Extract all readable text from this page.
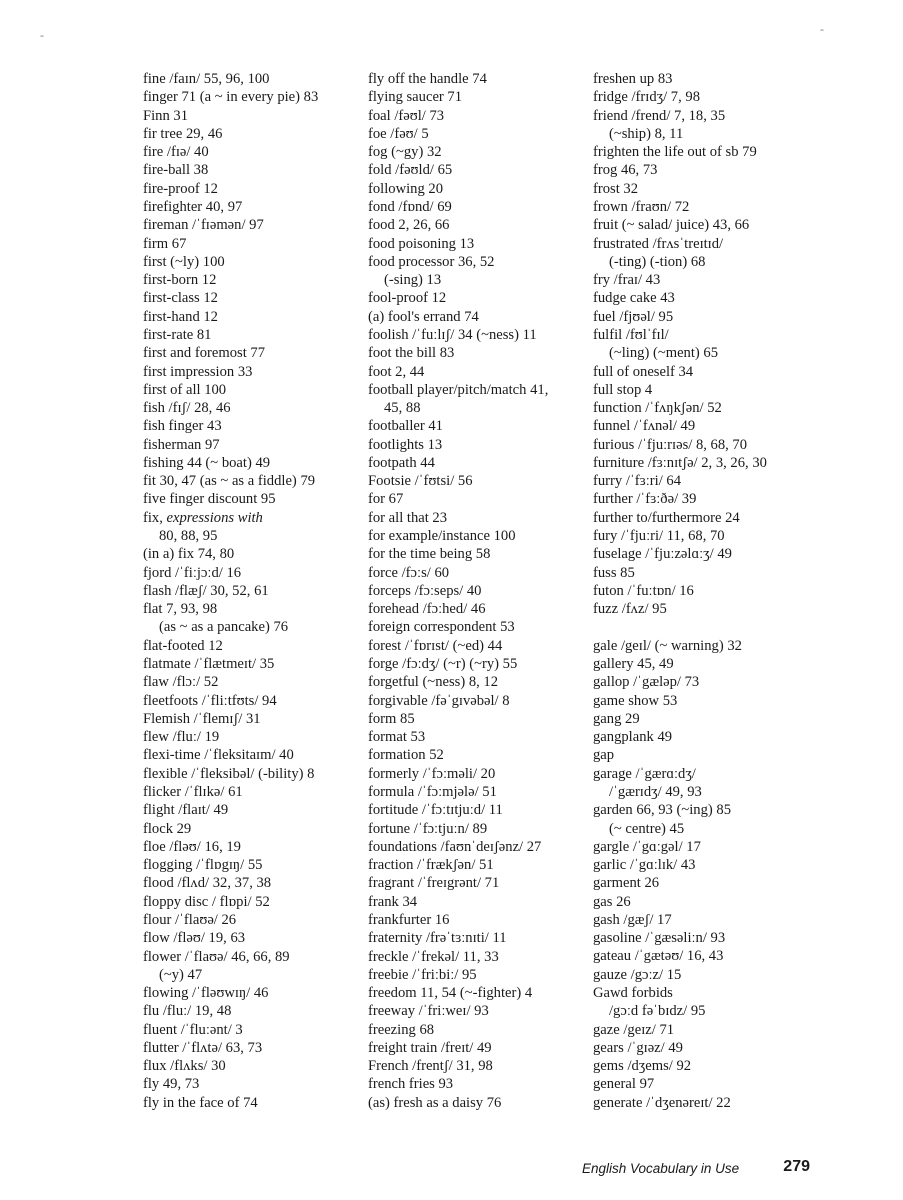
-	-
fine /faɪn/ 55, 96, 100
finger 71 (a ~ in every pie) 83
Finn 31
fir tree 29, 46
fire /fɪə/ 40
fire-ball 38
fire-proof 12
firefighter 40, 97
fireman /ˈfɪəmən/ 97
firm 67
first (~ly) 100
first-born 12
first-class 12
first-hand 12
first-rate 81
first and foremost 77
first impression 33
first of all 100
fish /fɪʃ/ 28, 46
fish finger 43
fisherman 97
fishing 44 (~ boat) 49
fit 30, 47 (as ~ as a fiddle) 79
five finger discount 95
fix, expressions with
80, 88, 95
(in a) fix 74, 80
fjord /ˈfiːjɔːd/ 16
flash /flæʃ/ 30, 52, 61
flat 7, 93, 98
(as ~ as a pancake) 76
flat-footed 12
flatmate /ˈflætmeɪt/ 35
flaw /flɔː/ 52
fleetfoots /ˈfliːtfʊts/ 94
Flemish /ˈflemɪʃ/ 31
flew /fluː/ 19
flexi-time /ˈfleksitaɪm/ 40
flexible /ˈfleksibəl/ (-bility) 8
flicker /ˈflɪkə/ 61
flight /flaɪt/ 49
flock 29
floe /fləʊ/ 16, 19
flogging /ˈflɒgɪŋ/ 55
flood /flʌd/ 32, 37, 38
floppy disc / flɒpi/ 52
flour /ˈflaʊə/ 26
flow /fləʊ/ 19, 63
flower /ˈflaʊə/ 46, 66, 89
(~y) 47
flowing /ˈfləʊwɪŋ/ 46
flu /fluː/ 19, 48
fluent /ˈfluːənt/ 3
flutter /ˈflʌtə/ 63, 73
flux /flʌks/ 30
fly 49, 73
fly in the face of 74
fly off the handle 74
flying saucer 71
foal /fəʊl/ 73
foe /fəʊ/ 5
fog (~gy) 32
fold /fəʊld/ 65
following 20
fond /fɒnd/ 69
food 2, 26, 66
food poisoning 13
food processor 36, 52
(-sing) 13
fool-proof 12
(a) fool's errand 74
foolish /ˈfuːlɪʃ/ 34 (~ness) 11
foot the bill 83
foot 2, 44
football player/pitch/match 41,
45, 88
footballer 41
footlights 13
footpath 44
Footsie /ˈfʊtsi/ 56
for 67
for all that 23
for example/instance 100
for the time being 58
force /fɔːs/ 60
forceps /fɔːseps/ 40
forehead /fɔːhed/ 46
foreign correspondent 53
forest /ˈfɒrɪst/ (~ed) 44
forge /fɔːdʒ/ (~r) (~ry) 55
forgetful (~ness) 8, 12
forgivable /fəˈgɪvəbəl/ 8
form 85
format 53
formation 52
formerly /ˈfɔːməli/ 20
formula /ˈfɔːmjələ/ 51
fortitude /ˈfɔːtɪtjuːd/ 11
fortune /ˈfɔːtjuːn/ 89
foundations /faʊnˈdeɪʃənz/ 27
fraction /ˈfrækʃən/ 51
fragrant /ˈfreɪgrənt/ 71
frank 34
frankfurter 16
fraternity /frəˈtɜːnɪti/ 11
freckle /ˈfrekəl/ 11, 33
freebie /ˈfriːbiː/ 95
freedom 11, 54 (~-fighter) 4
freeway /ˈfriːweɪ/ 93
freezing 68
freight train /freɪt/ 49
French /frentʃ/ 31, 98
french fries 93
(as) fresh as a daisy 76
freshen up 83
fridge /frɪdʒ/ 7, 98
friend /frend/ 7, 18, 35
(~ship) 8, 11
frighten the life out of sb 79
frog 46, 73
frost 32
frown /fraʊn/ 72
fruit (~ salad/ juice) 43, 66
frustrated /frʌsˈtreɪtɪd/
(-ting) (-tion) 68
fry /fraɪ/ 43
fudge cake 43
fuel /fjʊəl/ 95
fulfil /fʊlˈfɪl/
(~ling) (~ment) 65
full of oneself 34
full stop 4
function /ˈfʌŋkʃən/ 52
funnel /ˈfʌnəl/ 49
furious /ˈfjuːrɪəs/ 8, 68, 70
furniture /fɜːnɪtʃə/ 2, 3, 26, 30
furry /ˈfɜːri/ 64
further /ˈfɜːðə/ 39
further to/furthermore 24
fury /ˈfjuːri/ 11, 68, 70
fuselage /ˈfjuːzəlɑːʒ/ 49
fuss 85
futon /ˈfuːtɒn/ 16
fuzz /fʌz/ 95
gale /geɪl/ (~ warning) 32
gallery 45, 49
gallop /ˈgæləp/ 73
game show 53
gang 29
gangplank 49
gap
garage /ˈgærɑːdʒ/
/ˈgærɪdʒ/ 49, 93
garden 66, 93 (~ing) 85
(~ centre) 45
gargle /ˈgɑːgəl/ 17
garlic /ˈgɑːlɪk/ 43
garment 26
gas 26
gash /gæʃ/ 17
gasoline /ˈgæsəliːn/ 93
gateau /ˈgætəʊ/ 16, 43
gauze /gɔːz/ 15
Gawd forbids
/gɔːd fəˈbɪdz/ 95
gaze /geɪz/ 71
gears /ˈgɪəz/ 49
gems /dʒems/ 92
general 97
generate /ˈdʒenəreɪt/ 22
English Vocabulary in Use	279
